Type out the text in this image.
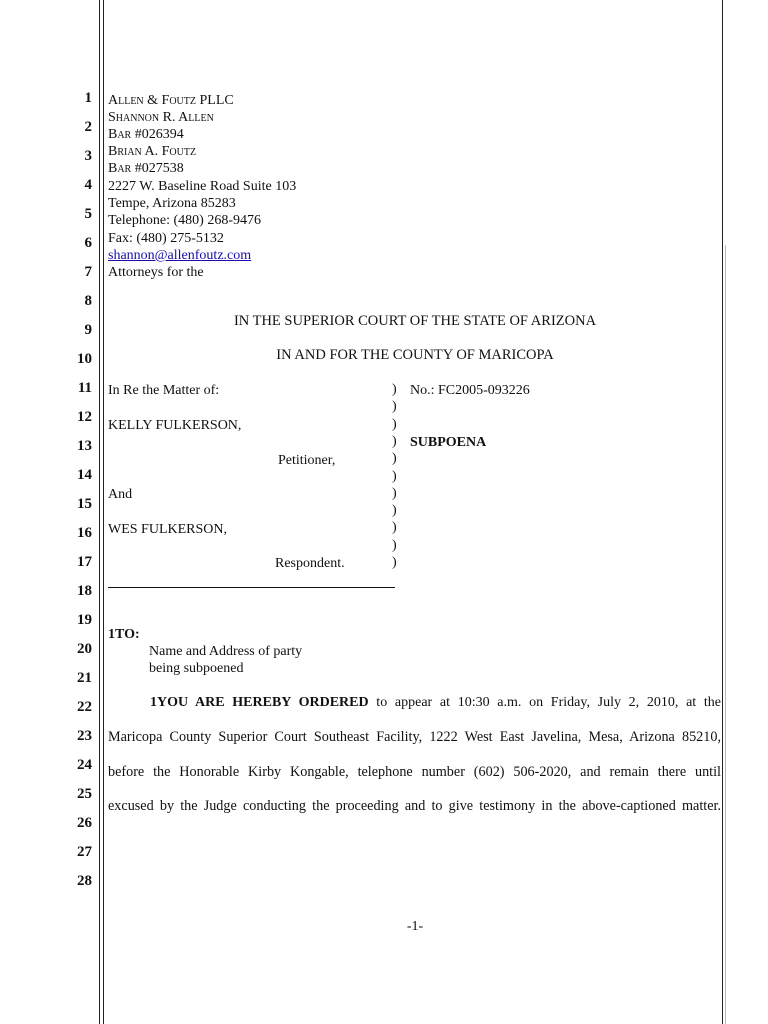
1
2
3
4
5
6
7
8
9
10
11
12
13
14
15
16
17
18
19
20
21
22
23
24
25
26
27
28
Allen & Foutz PLLC
Shannon R. Allen
Bar #026394
Brian A. Foutz
Bar #027538
2227 W. Baseline Road Suite 103
Tempe, Arizona 85283
Telephone: (480) 268-9476
Fax: (480) 275-5132
shannon@allenfoutz.com
Attorneys for the
IN THE SUPERIOR COURT OF THE STATE OF ARIZONA
IN AND FOR THE COUNTY OF MARICOPA
In Re the Matter of:
KELLY FULKERSON,
Petitioner,
And
WES FULKERSON,
Respondent.
)
)
)
)
)
)
)
)
)
)
)
No.: FC2005-093226
SUBPOENA
1TO:
Name and Address of party
being subpoened
1YOU ARE HEREBY ORDERED to appear at 10:30 a.m. on Friday, July 2, 2010, at the
Maricopa County Superior Court Southeast Facility, 1222 West East Javelina, Mesa, Arizona 85210,
before the Honorable Kirby Kongable, telephone number (602) 506-2020, and remain there until
excused by the Judge conducting the proceeding and to give testimony in the above-captioned matter.
-1-
